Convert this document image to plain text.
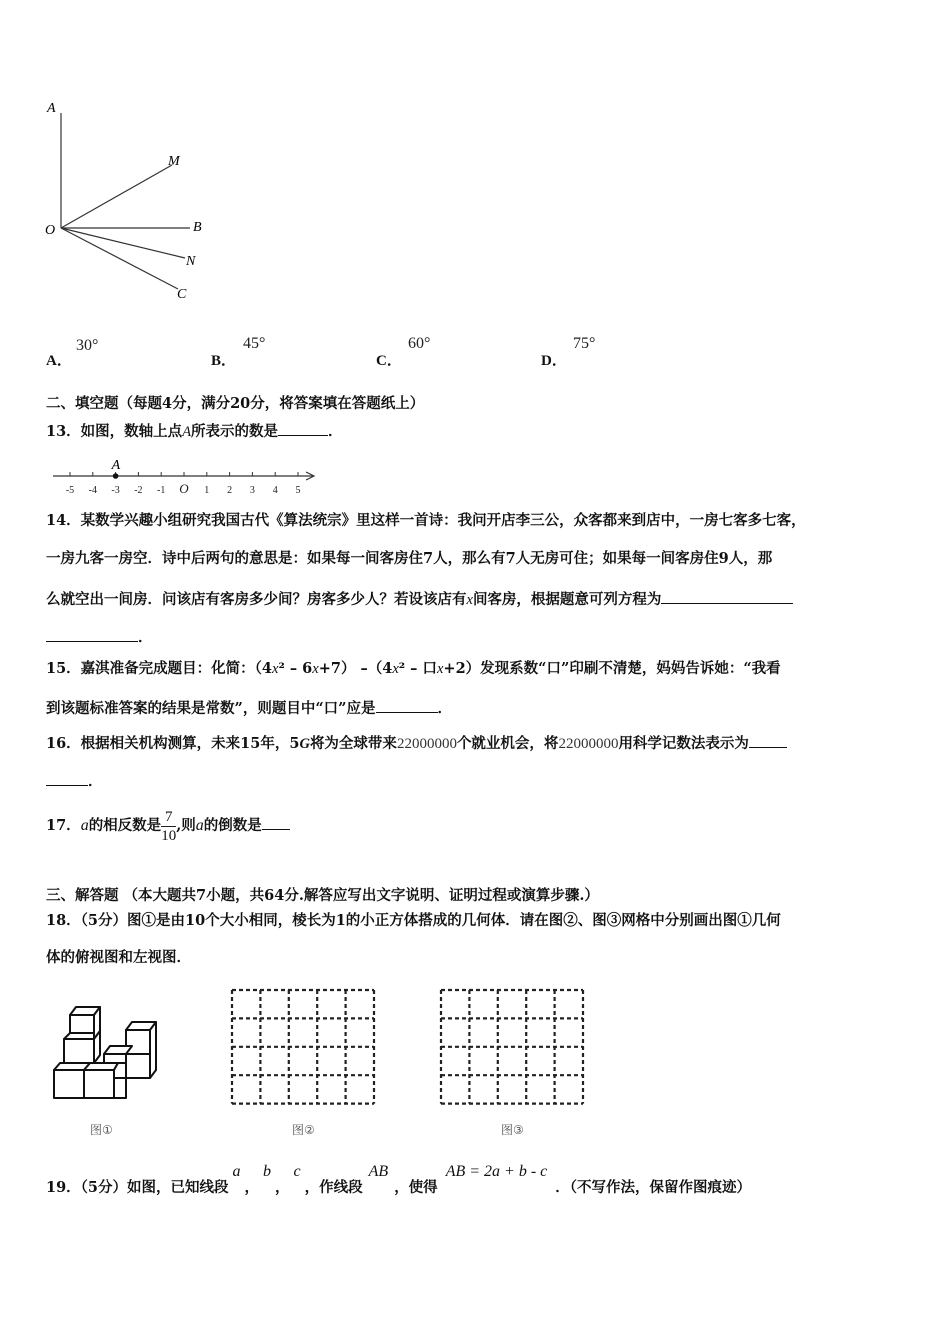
A
M
O	B
N
C
A．
30°
B．
45°
C．
60°
D．
75°
二、填空题（每题4分，满分20分，将答案填在答题纸上）
13．如图，数轴上点A所表示的数是	．
-5 -4 -3 -2 -1 O 1 2 3 4 5
A
14．某数学兴趣小组研究我国古代《算法统宗》里这样一首诗：我问开店李三公，众客都来到店中，一房七客多七客，
一房九客一房空．诗中后两句的意思是：如果每一间客房住7人，那么有7人无房可住；如果每一间客房住9人，那
么就空出一间房．问该店有客房多少间？房客多少人？若设该店有x间客房，根据题意可列方程为
．
15．嘉淇准备完成题目：化简：（4x² – 6x+7） –（4x² – 口x+2）发现系数“口”印刷不清楚，妈妈告诉她：“我看
到该题标准答案的结果是常数”，则题目中“口”应是	．
16．根据相关机构测算，未来15年，5G将为全球带来22000000个就业机会，将22000000用科学记数法表示为
．
17．a的相反数是 $\frac{7}{10}$ ,则a的倒数是
三、解答题 （本大题共7小题，共64分.解答应写出文字说明、证明过程或演算步骤.）
18．（5分）图①是由10个大小相同，棱长为1的小正方体搭成的几何体．请在图②、图③网格中分别画出图①几何
体的俯视图和左视图．
图①	图②	图③
19．（5分）如图，已知线段a，b，c，作线段AB，使得AB = 2a + b - c．（不写作法，保留作图痕迹）
